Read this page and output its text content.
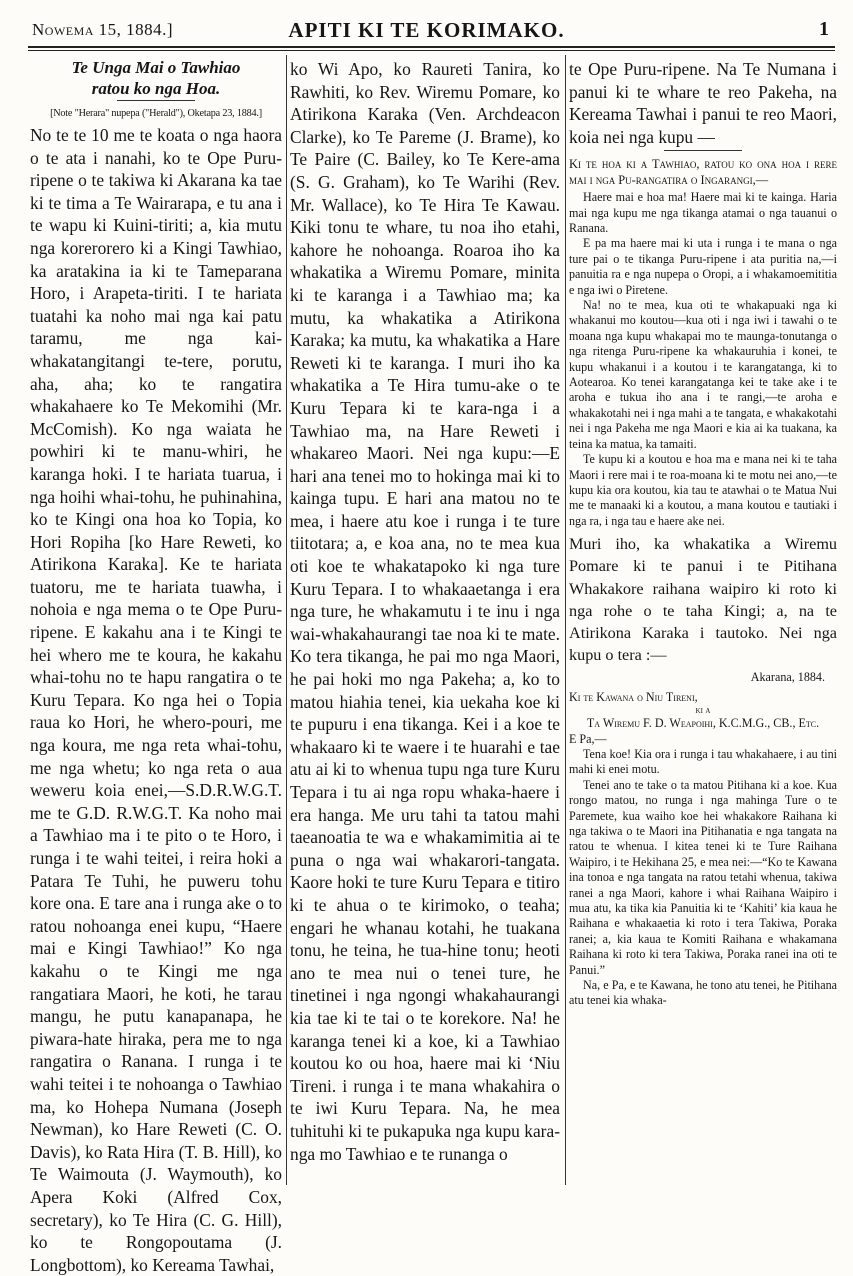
Nowema 15, 1884.]	APITI KI TE KORIMAKO.	1
Te Unga Mai o Tawhiao
ratou ko nga Hoa.
[Note "Herara" nupepa ("Herald"), Oketapa 23, 1884.]

No te te 10 me te koata o nga haora o te ata i nanahi, ko te Ope Puru-ripene o te takiwa ki Akarana ka tae ki te tima a Te Wairarapa, e tu ana i te wapu ki Kuini-tiriti; a, kia mutu nga korerorero ki a Kingi Tawhiao, ka aratakina ia ki te Tameparana Horo, i Arapeta-tiriti. I te hariata tuatahi ka noho mai nga kai patu taramu, me nga kai-whakatangitangi te-tere, porutu, aha, aha; ko te rangatira whakahaere ko Te Mekomihi (Mr. McComish). Ko nga waiata he powhiri ki te manu-whiri, he karanga hoki. I te hariata tuarua, i nga hoihi whai-tohu, he puhinahina, ko te Kingi ona hoa ko Topia, ko Hori Ropiha [ko Hare Reweti, ko Atirikona Karaka]. Ke te hariata tuatoru, me te hariata tuawha, i nohoia e nga mema o te Ope Puru-ripene. E kakahu ana i te Kingi te hei whero me te koura, he kakahu whai-tohu no te hapu rangatira o te Kuru Tepara. Ko nga hei o Topia raua ko Hori, he whero-pouri, me nga koura, me nga reta whai-tohu, me nga whetu; ko nga reta o aua weweru koia enei,—S.D.R.W.G.T. me te G.D. R.W.G.T. Ka noho mai a Tawhiao ma i te pito o te Horo, i runga i te wahi teitei, i reira hoki a Patara Te Tuhi, he puweru tohu kore ona. E tare ana i runga ake o to ratou nohoanga enei kupu, “Haere mai e Kingi Tawhiao!” Ko nga kakahu o te Kingi me nga rangatiara Maori, he koti, he tarau mangu, he putu kanapanapa, he piwara-hate hiraka, pera me to nga rangatira o Ranana. I runga i te wahi teitei i te nohoanga o Tawhiao ma, ko Hohepa Numana (Joseph Newman), ko Hare Reweti (C. O. Davis), ko Rata Hira (T. B. Hill), ko Te Waimouta (J. Waymouth), ko Apera Koki (Alfred Cox, secretary), ko Te Hira (C. G. Hill), ko te Rongopoutama (J. Longbottom), ko Kereama Tawhai,

ko Wi Apo, ko Raureti Tanira, ko Rawhiti, ko Rev. Wiremu Pomare, ko Atirikona Karaka (Ven. Archdeacon Clarke), ko Te Pareme (J. Brame), ko Te Paire (C. Bailey, ko Te Kere-ama (S. G. Graham), ko Te Warihi (Rev. Mr. Wallace), ko Te Hira Te Kawau. Kiki tonu te whare, tu noa iho etahi, kahore he nohoanga. Roaroa iho ka whakatika a Wiremu Pomare, minita ki te karanga i a Tawhiao ma; ka mutu, ka whakatika a Atirikona Karaka; ka mutu, ka whakatika a Hare Reweti ki te karanga. I muri iho ka whakatika a Te Hira tumu-ake o te Kuru Tepara ki te kara-nga i a Tawhiao ma, na Hare Reweti i whakareo Maori. Nei nga kupu:—E hari ana tenei mo to hokinga mai ki to kainga tupu. E hari ana matou no te mea, i haere atu koe i runga i te ture tiitotara; a, e koa ana, no te mea kua oti koe te whakatapoko ki nga ture Kuru Tepara. I to whakaaetanga i era nga ture, he whakamutu i te inu i nga wai-whakahaurangi tae noa ki te mate. Ko tera tikanga, he pai mo nga Maori, he pai hoki mo nga Pakeha; a, ko to matou hiahia tenei, kia uekaha koe ki te pupuru i ena tikanga. Kei i a koe te whakaaro ki te waere i te huarahi e tae atu ai ki to whenua tupu nga ture Kuru Tepara i tu ai nga ropu whaka-haere i era hanga. Me uru tahi ta tatou mahi taeanoatia te wa e whakamimitia ai te puna o nga wai whakarori-tangata. Kaore hoki te ture Kuru Tepara e titiro ki te ahua o te kirimoko, o teaha; engari he whanau kotahi, he tuakana tonu, he teina, he tua-hine tonu; heoti ano te mea nui o tenei ture, he tinetinei i nga ngongi whakahaurangi kia tae ki te tai o te korekore. Na! he karanga tenei ki a koe, ki a Tawhiao koutou ko ou hoa, haere mai ki ‘Niu Tireni. i runga i te mana whakahira o te iwi Kuru Tepara. Na, he mea tuhituhi ki te pukapuka nga kupu kara-nga mo Tawhiao e te runanga o

te Ope Puru-ripene. Na Te Numana i panui ki te whare te reo Pakeha, na Kereama Tawhai i panui te reo Maori, koia nei nga kupu —

Ki te hoa ki a Tawhiao, ratou ko ona hoa i rere mai i nga Pu-rangatira o Ingarangi,—

Haere mai e hoa ma! Haere mai ki te kainga. Haria mai nga kupu me nga tikanga atamai o nga tauanui o Ranana.

E pa ma haere mai ki uta i runga i te mana o nga ture pai o te tikanga Puru-ripene i ata puritia na,—i panuitia ra e nga nupepa o Oropi, a i whakamoemititia e nga iwi o Piretene.

Na! no te mea, kua oti te whakapuaki nga ki whakanui mo koutou—kua oti i nga iwi i tawahi o te moana nga kupu whakapai mo te maunga-tonutanga o nga ritenga Puru-ripene ka whakauruhia i konei, te kupu whakanui i a koutou i te karangatanga, ki to Aotearoa. Ko tenei karangatanga kei te take ake i te aroha e tukua iho ana i te rangi,—te aroha e whakakotahi nei i nga mahi a te tangata, e whakakotahi nei i nga Pakeha me nga Maori e kia ai ka tuakana, ka teina ka matua, ka tamaiti.

Te kupu ki a koutou e hoa ma e mana nei ki te taha Maori i rere mai i te roa-moana ki te motu nei ano,—te kupu kia ora koutou, kia tau te atawhai o te Matua Nui me te manaaki ki a koutou, a mana koutou e tautiaki i nga ra, i nga tau e haere ake nei.

Muri iho, ka whakatika a Wiremu Pomare ki te panui i te Pitihana Whakakore raihana waipiro ki roto ki nga rohe o te taha Kingi; a, na te Atirikona Karaka i tautoko. Nei nga kupu o tera :—

Akarana, 1884.

Ki te Kawana o Niu Tireni,

ki a

Ta Wiremu F. D. Weapoihi, K.C.M.G., CB., Etc.

E Pa,—

Tena koe! Kia ora i runga i tau whakahaere, i au tini mahi ki enei motu.

Tenei ano te take o ta matou Pitihana ki a koe. Kua rongo matou, no runga i nga mahinga Ture o te Paremete, kua waiho koe hei whakakore Raihana ki nga takiwa o te Maori ina Pitihanatia e nga tangata na ratou te whenua. I kitea tenei ki te Ture Raihana Waipiro, i te Hekihana 25, e mea nei:—“Ko te Kawana ina tonoa e nga tangata na ratou tetahi whenua, takiwa ranei a nga Maori, kahore i whai Raihana Waipiro i mua atu, ka tika kia Panuitia ki te ‘Kahiti’ kia kaua he Raihana e whakaaetia ki roto i tera Takiwa, Poraka ranei; a, kia kaua te Komiti Raihana e whakamana Raihana ki roto ki tera Takiwa, Poraka ranei ina oti te Panui.”

Na, e Pa, e te Kawana, he tono atu tenei, he Pitihana atu tenei kia whaka-
